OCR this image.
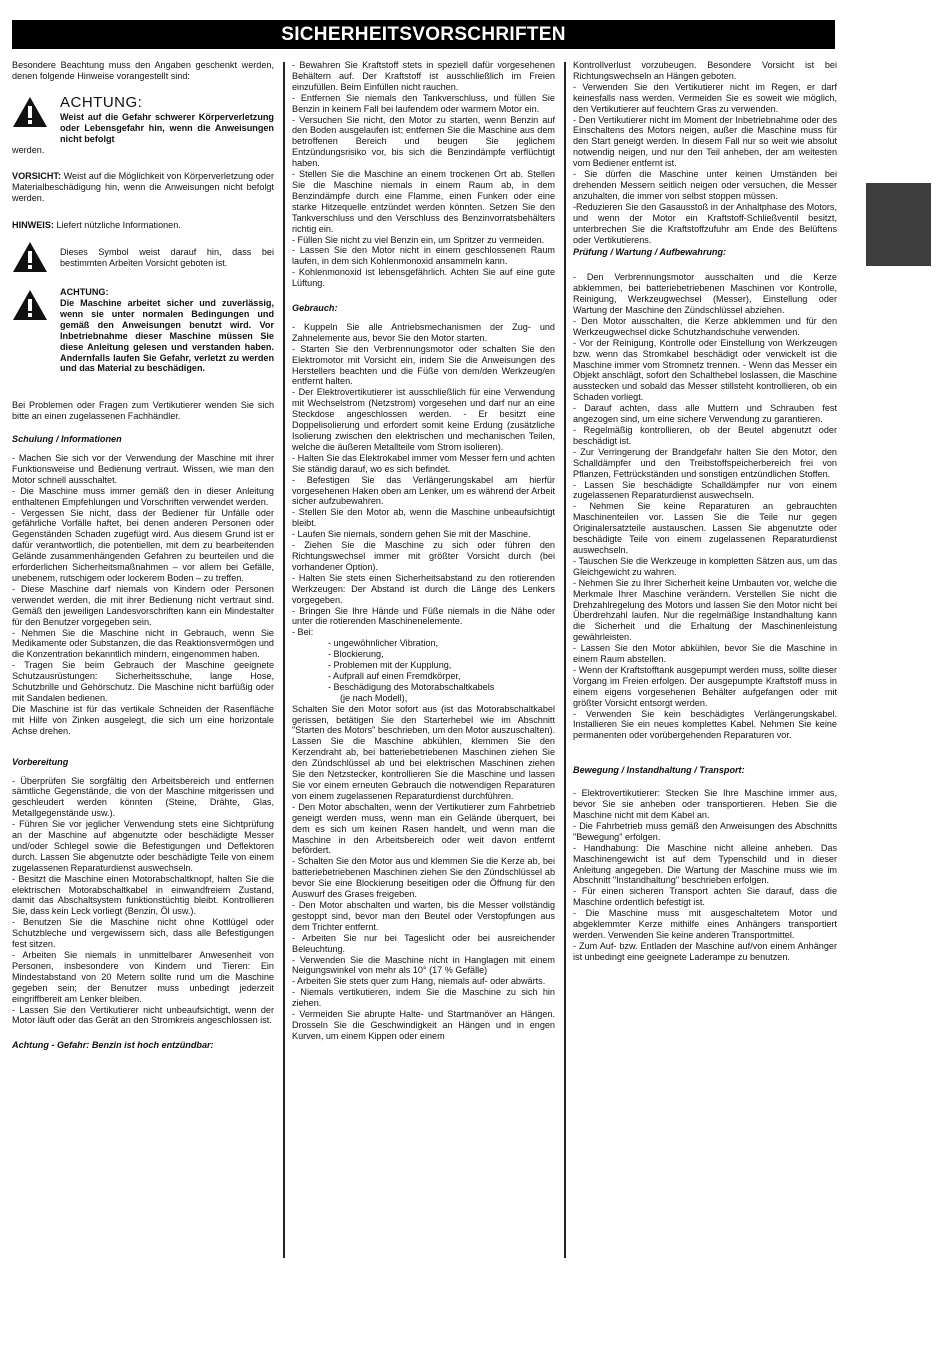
SICHERHEITSVORSCHRIFTEN

Besondere Beachtung muss den Angaben geschenkt werden, denen folgende Hinweise vorangestellt sind:

ACHTUNG:
Weist auf die Gefahr schwerer Körperverletzung oder Lebensgefahr hin, wenn die Anweisungen nicht befolgt

werden.

VORSICHT: Weist auf die Möglichkeit von Körperverletzung oder Materialbeschädigung hin, wenn die Anweisungen nicht befolgt werden.

HINWEIS: Liefert nützliche Informationen.

Dieses Symbol weist darauf hin, dass bei bestimmten Arbeiten Vorsicht geboten ist.
ACHTUNG:
Die Maschine arbeitet sicher und zuverlässig, wenn sie unter normalen Bedingungen und gemäß den Anweisungen benutzt wird. Vor Inbetriebnahme dieser Maschine müssen Sie diese Anleitung gelesen und verstanden haben. Andernfalls laufen Sie Gefahr, verletzt zu werden und das Material zu beschädigen.

Bei Problemen oder Fragen zum Vertikutierer wenden Sie sich bitte an einen zugelassenen Fachhändler.

Schulung / Informationen

- Machen Sie sich vor der Verwendung der Maschine mit ihrer Funktionsweise und Bedienung vertraut. Wissen, wie man den Motor schnell ausschaltet.

- Die Maschine muss immer gemäß den in dieser Anleitung enthaltenen Empfehlungen und Vorschriften verwendet werden.

- Vergessen Sie nicht, dass der Bediener für Unfälle oder gefährliche Vorfälle haftet, bei denen anderen Personen oder Gegenständen Schaden zugefügt wird. Aus diesem Grund ist er dafür verantwortlich, die potentiellen, mit dem zu bearbeitenden Gelände zusammenhängenden Gefahren zu beurteilen und die erforderlichen Sicherheitsmaßnahmen – vor allem bei Gefälle, unebenem, rutschigem oder lockerem Boden – zu treffen.

- Diese Maschine darf niemals von Kindern oder Personen verwendet werden, die mit ihrer Bedienung nicht vertraut sind. Gemäß den jeweiligen Landesvorschriften kann ein Mindestalter für den Benutzer vorgegeben sein.

- Nehmen Sie die Maschine nicht in Gebrauch, wenn Sie Medikamente oder Substanzen, die das Reaktionsvermögen und die Konzentration bekanntlich mindern, eingenommen haben.

- Tragen Sie beim Gebrauch der Maschine geeignete Schutzausrüstungen: Sicherheitsschuhe, lange Hose, Schutzbrille und Gehörschutz. Die Maschine nicht barfüßig oder mit Sandalen bedienen.

Die Maschine ist für das vertikale Schneiden der Rasenfläche mit Hilfe von Zinken ausgelegt, die sich um eine horizontale Achse drehen.

Vorbereitung

- Überprüfen Sie sorgfältig den Arbeitsbereich und entfernen sämtliche Gegenstände, die von der Maschine mitgerissen und geschleudert werden könnten (Steine, Drähte, Glas, Metallgegenstände usw.).

- Führen Sie vor jeglicher Verwendung stets eine Sichtprüfung an der Maschine auf abgenutzte oder beschädigte Messer und/oder Schlegel sowie die Befestigungen und Deflektoren durch. Lassen Sie abgenutzte oder beschädigte Teile von einem zugelassenen Reparaturdienst auswechseln.

- Besitzt die Maschine einen Motorabschaltknopf, halten Sie die elektrischen Motorabschaltkabel in einwandfreiem Zustand, damit das Abschaltsystem funktionstüchtig bleibt. Kontrollieren Sie, dass kein Leck vorliegt (Benzin, Öl usw.).

- Benutzen Sie die Maschine nicht ohne Kottlügel oder Schutzbleche und vergewissern sich, dass alle Befestigungen fest sitzen.

- Arbeiten Sie niemals in unmittelbarer Anwesenheit von Personen, insbesondere von Kindern und Tieren: Ein Mindestabstand von 20 Metern sollte rund um die Maschine gegeben sein; der Benutzer muss unbedingt jederzeit eingriffbereit am Lenker bleiben.

- Lassen Sie den Vertikutierer nicht unbeaufsichtigt, wenn der Motor läuft oder das Gerät an den Stromkreis angeschlossen ist.

Achtung - Gefahr: Benzin ist hoch entzündbar:

- Bewahren Sie Kraftstoff stets in speziell dafür vorgesehenen Behältern auf. Der Kraftstoff ist ausschließlich im Freien einzufüllen. Beim Einfüllen nicht rauchen.

- Entfernen Sie niemals den Tankverschluss, und füllen Sie Benzin in keinem Fall bei laufendem oder warmem Motor ein.

- Versuchen Sie nicht, den Motor zu starten, wenn Benzin auf den Boden ausgelaufen ist; entfernen Sie die Maschine aus dem betroffenen Bereich und beugen Sie jeglichem Entzündungsrisiko vor, bis sich die Benzindämpfe verflüchtigt haben.

- Stellen Sie die Maschine an einem trockenen Ort ab. Stellen Sie die Maschine niemals in einem Raum ab, in dem Benzindämpfe durch eine Flamme, einen Funken oder eine starke Hitzequelle entzündet werden könnten. Setzen Sie den Tankverschluss und den Verschluss des Benzinvorratsbehälters richtig ein.

- Füllen Sie nicht zu viel Benzin ein, um Spritzer zu vermeiden.

- Lassen Sie den Motor nicht in einem geschlossenen Raum laufen, in dem sich Kohlenmonoxid ansammeln kann.

- Kohlenmonoxid ist lebensgefährlich. Achten Sie auf eine gute Lüftung.

Gebrauch:

- Kuppeln Sie alle Antriebsmechanismen der Zug- und Zahnelemente aus, bevor Sie den Motor starten.

- Starten Sie den Verbrennungsmotor oder schalten Sie den Elektromotor mit Vorsicht ein, indem Sie die Anweisungen des Herstellers beachten und die Füße von dem/den Werkzeug/en entfernt halten.

- Der Elektrovertikutierer ist ausschließlich für eine Verwendung mit Wechselstrom (Netzstrom) vorgesehen und darf nur an eine Steckdose angeschlossen werden. - Er besitzt eine Doppelisolierung und erfordert somit keine Erdung (zusätzliche Isolierung zwischen den elektrischen und mechanischen Teilen, welche die äußeren Metallteile vom Strom isolieren).

- Halten Sie das Elektrokabel immer vom Messer fern und achten Sie ständig darauf, wo es sich befindet.

- Befestigen Sie das Verlängerungskabel am hierfür vorgesehenen Haken oben am Lenker, um es während der Arbeit sicher aufzubewahren.

- Stellen Sie den Motor ab, wenn die Maschine unbeaufsichtigt bleibt.

- Laufen Sie niemals, sondern gehen Sie mit der Maschine.

- Ziehen Sie die Maschine zu sich oder führen den Richtungswechsel immer mit größter Vorsicht durch (bei vorhandener Option).

- Halten Sie stets einen Sicherheitsabstand zu den rotierenden Werkzeugen: Der Abstand ist durch die Länge des Lenkers vorgegeben.

- Bringen Sie Ihre Hände und Füße niemals in die Nähe oder unter die rotierenden Maschinenelemente.

- Bei:

- ungewöhnlicher Vibration,

- Blockierung,

- Problemen mit der Kupplung,

- Aufprall auf einen Fremdkörper,

- Beschädigung des Motorabschaltkabels

(je nach Modell),

Schalten Sie den Motor sofort aus (ist das Motorabschaltkabel gerissen, betätigen Sie den Starterhebel wie im Abschnitt "Starten des Motors" beschrieben, um den Motor auszuschalten). Lassen Sie die Maschine abkühlen, klemmen Sie den Kerzendraht ab, bei batteriebetriebenen Maschinen ziehen Sie den Zündschlüssel ab und bei elektrischen Maschinen ziehen Sie den Netzstecker, kontrollieren Sie die Maschine und lassen Sie vor einem erneuten Gebrauch die notwendigen Reparaturen von einem zugelassenen Reparaturdienst durchführen.

- Den Motor abschalten, wenn der Vertikutierer zum Fahrbetrieb geneigt werden muss, wenn man ein Gelände überquert, bei dem es sich um keinen Rasen handelt, und wenn man die Maschine in den Arbeitsbereich oder weit davon entfernt befördert.

- Schalten Sie den Motor aus und klemmen Sie die Kerze ab, bei batteriebetriebenen Maschinen ziehen Sie den Zündschlüssel ab bevor Sie eine Blockierung beseitigen oder die Öffnung für den Auswurf des Grases freigeben.

- Den Motor abschalten und warten, bis die Messer vollständig gestoppt sind, bevor man den Beutel oder Verstopfungen aus dem Trichter entfernt.

- Arbeiten Sie nur bei Tageslicht oder bei ausreichender Beleuchtung.

- Verwenden Sie die Maschine nicht in Hanglagen mit einem Neigungswinkel von mehr als 10° (17 % Gefälle)

- Arbeiten Sie stets quer zum Hang, niemals auf- oder abwärts.

- Niemals vertikutieren, indem Sie die Maschine zu sich hin ziehen.

- Vermeiden Sie abrupte Halte- und Startmanöver an Hängen. Drosseln Sie die Geschwindigkeit an Hängen und in engen Kurven, um einem Kippen oder einem

Kontrollverlust vorzubeugen. Besondere Vorsicht ist bei Richtungswechseln an Hängen geboten.

- Verwenden Sie den Vertikutierer nicht im Regen, er darf keinesfalls nass werden. Vermeiden Sie es soweit wie möglich, den Vertikutierer auf feuchtem Gras zu verwenden.

- Den Vertikutierer nicht im Moment der Inbetriebnahme oder des Einschaltens des Motors neigen, außer die Maschine muss für den Start geneigt werden. In diesem Fall nur so weit wie absolut notwendig neigen, und nur den Teil anheben, der am weitesten vom Bediener entfernt ist.

- Sie dürfen die Maschine unter keinen Umständen bei drehenden Messern seitlich neigen oder versuchen, die Messer anzuhalten, die immer von selbst stoppen müssen.

-Reduzieren Sie den Gasausstoß in der Anhaltphase des Motors, und wenn der Motor ein Kraftstoff-Schließventil besitzt, unterbrechen Sie die Kraftstoffzufuhr am Ende des Belüftens oder Vertikutierens.

Prüfung / Wartung / Aufbewahrung:

- Den Verbrennungsmotor ausschalten und die Kerze abklemmen, bei batteriebetriebenen Maschinen vor Kontrolle, Reinigung, Werkzeugwechsel (Messer), Einstellung oder Wartung der Maschine den Zündschlüssel abziehen.

- Den Motor ausschalten, die Kerze abklemmen und für den Werkzeugwechsel dicke Schutzhandschuhe verwenden.

- Vor der Reinigung, Kontrolle oder Einstellung von Werkzeugen bzw. wenn das Stromkabel beschädigt oder verwickelt ist die Maschine immer vom Stromnetz trennen. - Wenn das Messer ein Objekt anschlägt, sofort den Schalthebel loslassen, die Maschine ausstecken und sobald das Messer stillsteht kontrollieren, ob ein Schaden vorliegt.

- Darauf achten, dass alle Muttern und Schrauben fest angezogen sind, um eine sichere Verwendung zu garantieren.

- Regelmäßig kontrollieren, ob der Beutel abgenutzt oder beschädigt ist.

- Zur Verringerung der Brandgefahr halten Sie den Motor, den Schalldämpfer und den Treibstoffspeicherbereich frei von Pflanzen, Fettrückständen und sonstigen entzündlichen Stoffen.

- Lassen Sie beschädigte Schalldämpfer nur von einem zugelassenen Reparaturdienst auswechseln.

- Nehmen Sie keine Reparaturen an gebrauchten Maschinenteilen vor. Lassen Sie die Teile nur gegen Originalersatzteile austauschen. Lassen Sie abgenutzte oder beschädigte Teile von einem zugelassenen Reparaturdienst auswechseln.

- Tauschen Sie die Werkzeuge in kompletten Sätzen aus, um das Gleichgewicht zu wahren.

- Nehmen Sie zu Ihrer Sicherheit keine Umbauten vor, welche die Merkmale Ihrer Maschine verändern. Verstellen Sie nicht die Drehzahlregelung des Motors und lassen Sie den Motor nicht bei Überdrehzahl laufen. Nur die regelmäßige Instandhaltung kann die Sicherheit und die Erhaltung der Maschinenleistung gewährleisten.

- Lassen Sie den Motor abkühlen, bevor Sie die Maschine in einem Raum abstellen.

- Wenn der Kraftstofftank ausgepumpt werden muss, sollte dieser Vorgang im Freien erfolgen. Der ausgepumpte Kraftstoff muss in einem eigens vorgesehenen Behälter aufgefangen oder mit größter Vorsicht entsorgt werden.

- Verwenden Sie kein beschädigtes Verlängerungskabel. Installieren Sie ein neues komplettes Kabel. Nehmen Sie keine permanenten oder vorübergehenden Reparaturen vor.

Bewegung / Instandhaltung / Transport:

- Elektrovertikutierer: Stecken Sie Ihre Maschine immer aus, bevor Sie sie anheben oder transportieren. Heben Sie die Maschine nicht mit dem Kabel an.

- Die Fahrbetrieb muss gemäß den Anweisungen des Abschnitts "Bewegung" erfolgen.

- Handhabung: Die Maschine nicht alleine anheben. Das Maschinengewicht ist auf dem Typenschild und in dieser Anleitung angegeben. Die Wartung der Maschine muss wie im Abschnitt "Instandhaltung" beschrieben erfolgen.

- Für einen sicheren Transport achten Sie darauf, dass die Maschine ordentlich befestigt ist.

- Die Maschine muss mit ausgeschaltetem Motor und abgeklemmter Kerze mithilfe eines Anhängers transportiert werden. Verwenden Sie keine anderen Transportmittel.

- Zum Auf- bzw. Entladen der Maschine auf/von einem Anhänger ist unbedingt eine geeignete Laderampe zu benutzen.
